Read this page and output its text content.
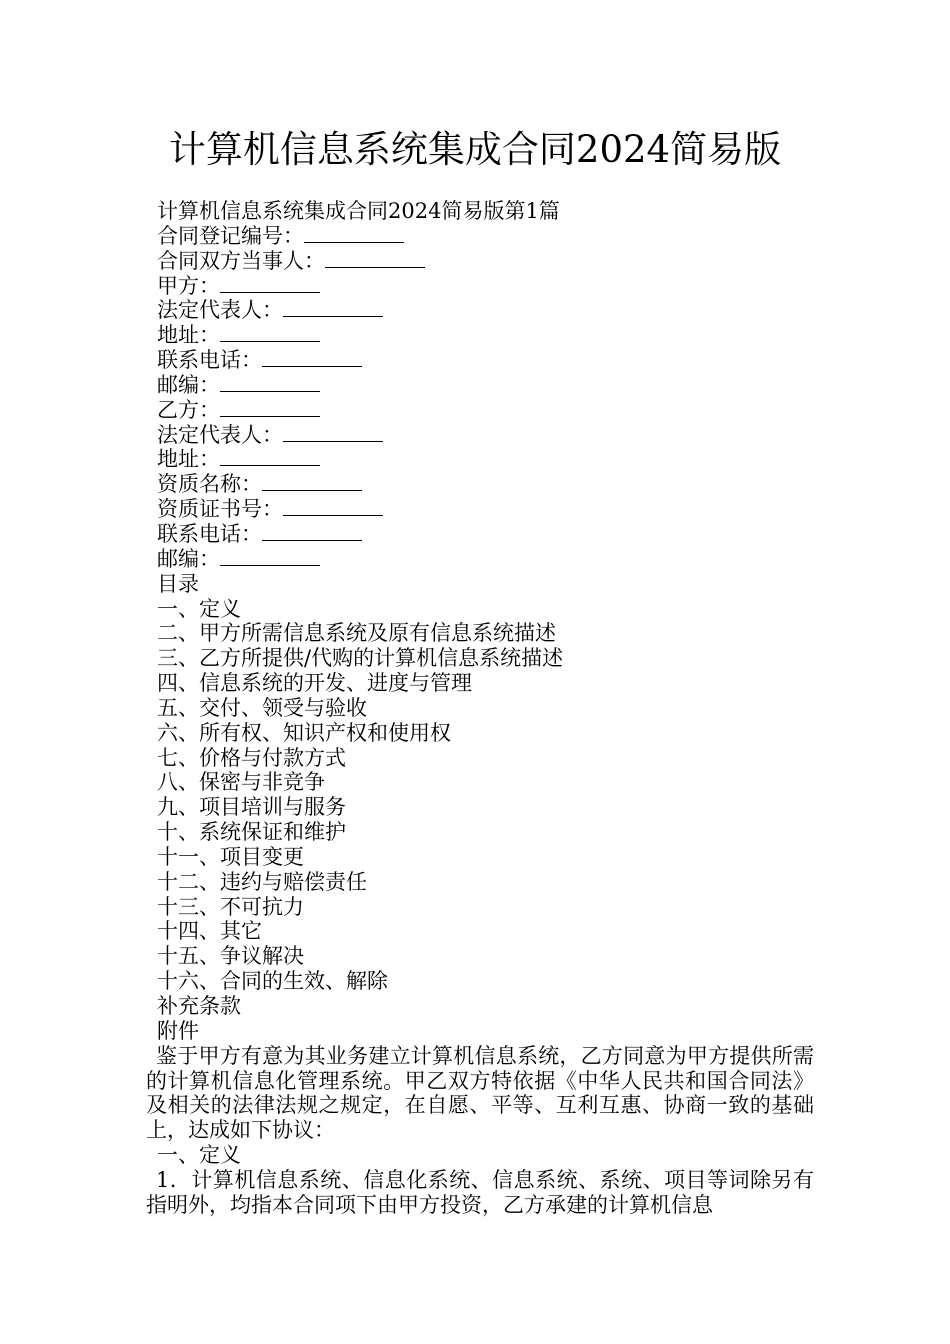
计算机信息系统集成合同2024简易版
计算机信息系统集成合同2024简易版第1篇
合同登记编号：
合同双方当事人：
甲方：
法定代表人：
地址：
联系电话：
邮编：
乙方：
法定代表人：
地址：
资质名称：
资质证书号：
联系电话：
邮编：
目录
一、定义
二、甲方所需信息系统及原有信息系统描述
三、乙方所提供/代购的计算机信息系统描述
四、信息系统的开发、进度与管理
五、交付、领受与验收
六、所有权、知识产权和使用权
七、价格与付款方式
八、保密与非竞争
九、项目培训与服务
十、系统保证和维护
十一、项目变更
十二、违约与赔偿责任
十三、不可抗力
十四、其它
十五、争议解决
十六、合同的生效、解除
补充条款
附件
鉴于甲方有意为其业务建立计算机信息系统，乙方同意为甲方提供所需的计算机信息化管理系统。甲乙双方特依据《中华人民共和国合同法》及相关的法律法规之规定，在自愿、平等、互利互惠、协商一致的基础上，达成如下协议：
一、定义
1．计算机信息系统、信息化系统、信息系统、系统、项目等词除另有指明外，均指本合同项下由甲方投资，乙方承建的计算机信息
